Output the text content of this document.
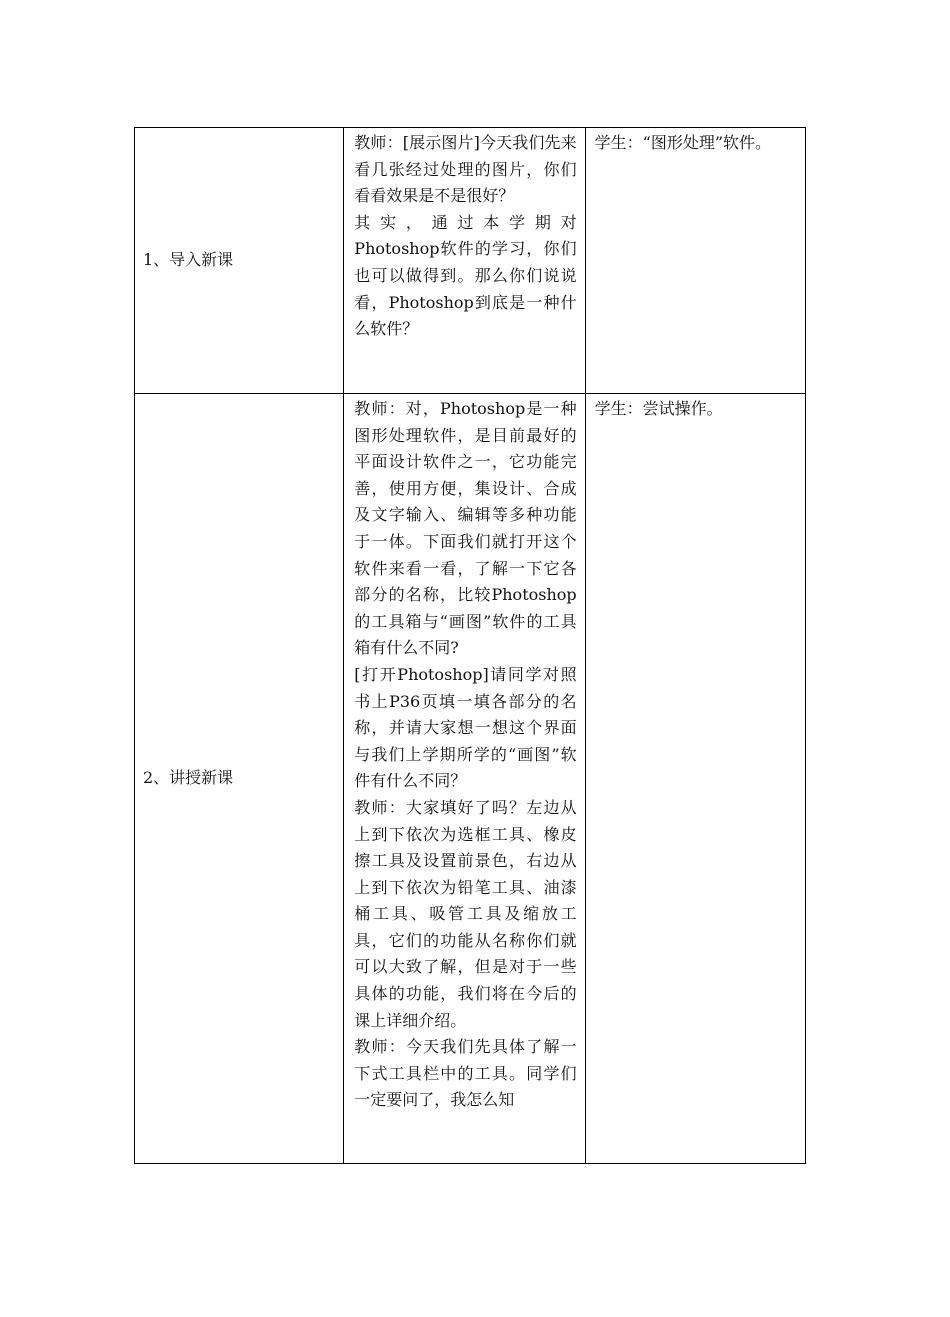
1、导入新课	教师：[展示图片]今天我们先来看几张经过处理的图片，你们看看效果是不是很好？
其实，通过本学期对Photoshop软件的学习，你们也可以做得到。那么你们说说看，Photoshop到底是一种什么软件？	学生：“图形处理”软件。

2、讲授新课	教师：对，Photoshop是一种图形处理软件，是目前最好的平面设计软件之一，它功能完善，使用方便，集设计、合成及文字输入、编辑等多种功能于一体。下面我们就打开这个软件来看一看，了解一下它各部分的名称，比较Photoshop的工具箱与“画图”软件的工具箱有什么不同?
[打开Photoshop]请同学对照书上P36页填一填各部分的名称，并请大家想一想这个界面与我们上学期所学的“画图”软件有什么不同？
教师：大家填好了吗？左边从上到下依次为选框工具、橡皮擦工具及设置前景色，右边从上到下依次为铅笔工具、油漆桶工具、吸管工具及缩放工具，它们的功能从名称你们就可以大致了解，但是对于一些具体的功能，我们将在今后的课上详细介绍。
教师：今天我们先具体了解一下式工具栏中的工具。同学们一定要问了，我怎么知	学生：尝试操作。
